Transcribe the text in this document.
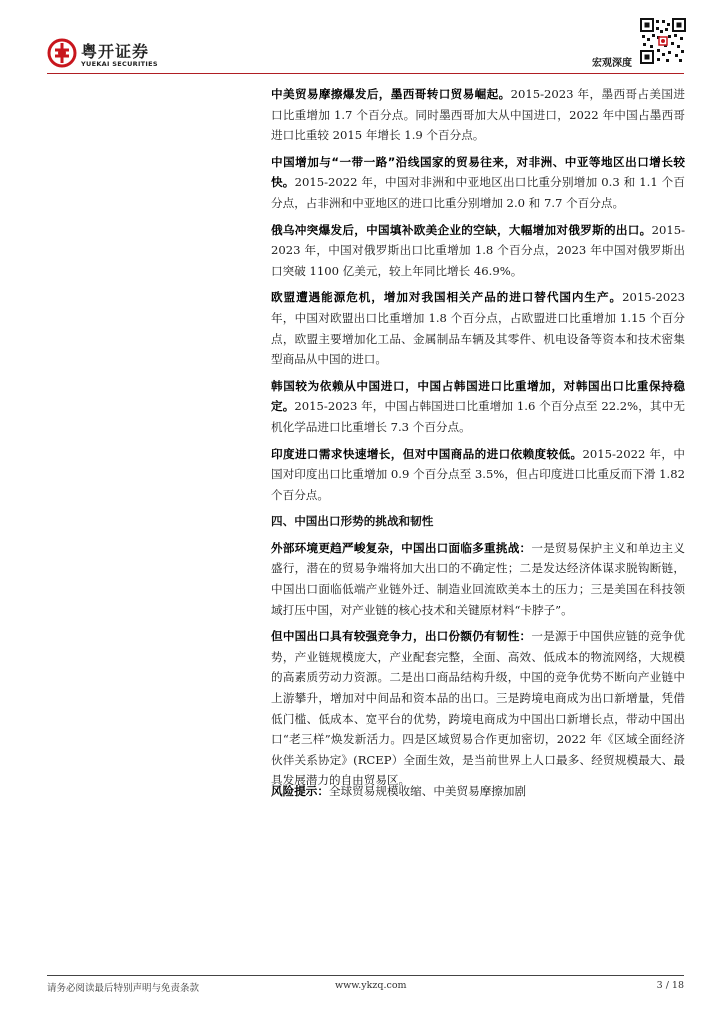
粤开证券
YUEKAI SECURITIES	宏观深度

中美贸易摩擦爆发后，墨西哥转口贸易崛起。2015-2023 年，墨西哥占美国进口比重增加 1.7 个百分点。同时墨西哥加大从中国进口，2022 年中国占墨西哥进口比重较 2015 年增长 1.9 个百分点。

中国增加与“一带一路”沿线国家的贸易往来，对非洲、中亚等地区出口增长较快。2015-2022 年，中国对非洲和中亚地区出口比重分别增加 0.3 和 1.1 个百分点，占非洲和中亚地区的进口比重分别增加 2.0 和 7.7 个百分点。

俄乌冲突爆发后，中国填补欧美企业的空缺，大幅增加对俄罗斯的出口。2015-2023 年，中国对俄罗斯出口比重增加 1.8 个百分点，2023 年中国对俄罗斯出口突破 1100 亿美元，较上年同比增长 46.9%。

欧盟遭遇能源危机，增加对我国相关产品的进口替代国内生产。2015-2023 年，中国对欧盟出口比重增加 1.8 个百分点，占欧盟进口比重增加 1.15 个百分点，欧盟主要增加化工品、金属制品车辆及其零件、机电设备等资本和技术密集型商品从中国的进口。

韩国较为依赖从中国进口，中国占韩国进口比重增加，对韩国出口比重保持稳定。2015-2023 年，中国占韩国进口比重增加 1.6 个百分点至 22.2%，其中无机化学品进口比重增长 7.3 个百分点。

印度进口需求快速增长，但对中国商品的进口依赖度较低。2015-2022 年，中国对印度出口比重增加 0.9 个百分点至 3.5%，但占印度进口比重反而下滑 1.82 个百分点。

四、中国出口形势的挑战和韧性

外部环境更趋严峻复杂，中国出口面临多重挑战：一是贸易保护主义和单边主义盛行，潜在的贸易争端将加大出口的不确定性；二是发达经济体谋求脱钩断链，中国出口面临低端产业链外迁、制造业回流欧美本土的压力；三是美国在科技领域打压中国，对产业链的核心技术和关键原材料“卡脖子”。

但中国出口具有较强竞争力，出口份额仍有韧性：一是源于中国供应链的竞争优势，产业链规模庞大，产业配套完整，全面、高效、低成本的物流网络，大规模的高素质劳动力资源。二是出口商品结构升级，中国的竞争优势不断向产业链中上游攀升，增加对中间品和资本品的出口。三是跨境电商成为出口新增量，凭借低门槛、低成本、宽平台的优势，跨境电商成为中国出口新增长点，带动中国出口“老三样”焕发新活力。四是区域贸易合作更加密切，2022 年《区域全面经济伙伴关系协定》(RCEP）全面生效，是当前世界上人口最多、经贸规模最大、最具发展潜力的自由贸易区。

风险提示：全球贸易规模收缩、中美贸易摩擦加剧
请务必阅读最后特别声明与免责条款	www.ykzq.com	3 / 18
